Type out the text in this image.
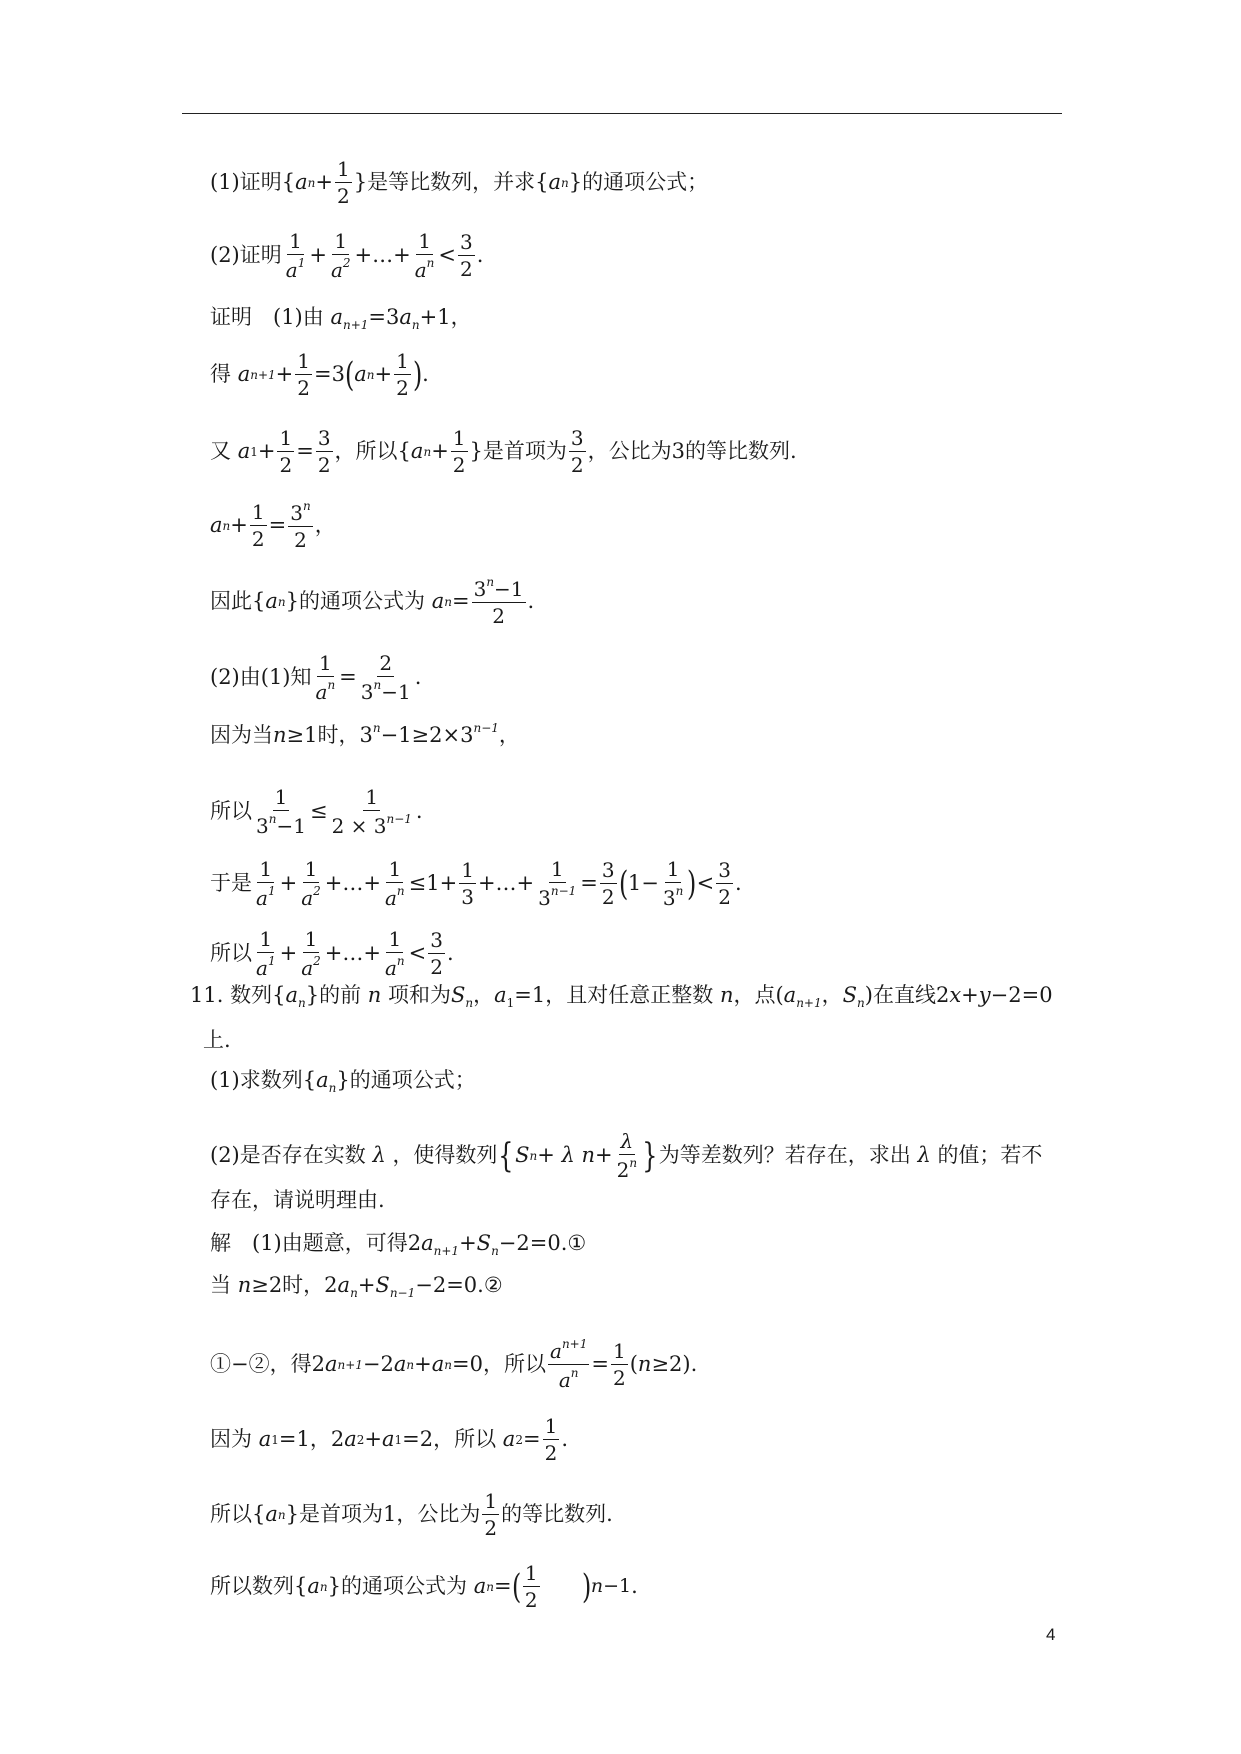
(1)证明{ a $n + \frac{1}{2}$ }是等比数列，并求{ a n }的通项公式；
(2)证明 $\frac{1}{a^1} + \frac{1}{a^2}$ +…+ $\frac{1}{a^n} < \frac{3}{2}$ .
证明　(1)由 $a_{n+1}=3a_n+1$，
得
a $n+1 + \frac{1}{2} =3$ ( a $n + \frac{1}{2}$ ) .
又
a $1 + \frac{1}{2} = \frac{3}{2}$ ，所以{ a $n + \frac{1}{2}$ }是首项为 $\frac{3}{2}$ ，公比为3的等比数列.
a $n + \frac{1}{2} = \frac{3^n}{2}$ ，
因此{ a n }的通项公式为
a $n = \frac{3^n-1}{2}$ .
(2)由(1)知 $\frac{1}{a^n} = \frac{2}{3^n-1}$ .
因为当n≥1时，$3^n-1\ge 2\times 3^{n-1}$，
所以 $\frac{1}{3^n-1} \le \frac{1}{2 \times 3^{n-1}}$ .
于是 $\frac{1}{a^1} + \frac{1}{a^2}$ +…+ $\frac{1}{a^n} \le 1+ \frac{1}{3}$ +…+ $\frac{1}{3^{n-1}} = \frac{3}{2}$ ( $1- \frac{1}{3^n}$ ) < $\frac{3}{2}$ .
所以 $\frac{1}{a^1} + \frac{1}{a^2}$ +…+ $\frac{1}{a^n} < \frac{3}{2}$ .
11. 数列$\{a_n\}$的前 n 项和为$S_n$，$a_1=1$，且对任意正整数 n，点($a_{n+1}$，$S_n$)在直线2x+y−2=0
上.
(1)求数列$\{a_n\}$的通项公式；
(2)是否存在实数
λ
，使得数列 { S n +
λ
$n + \frac{\lambda}{2^n}$ } 为等差数列？若存在，求出
λ
的值；若不
存在，请说明理由.
解　(1)由题意，可得$2a_{n+1}+S_n-2=0.①$
当 n≥2时，$2a_n+S_{n-1}-2=0.②$
①−②，得2 a n+1 −2 a n + a n =0，所以 $\frac{a^{n+1}}{a^n} = \frac{1}{2}$ ( n ≥2).
因为
a 1 =1，2 a 2 + a 1 =2，所以
a $2 = \frac{1}{2}$ .
所以{ a n }是首项为1，公比为 $\frac{1}{2}$ 的等比数列.
所以数列{ a n }的通项公式为
a n = ( $\frac{1}{2}$ ) n−1 .
4
